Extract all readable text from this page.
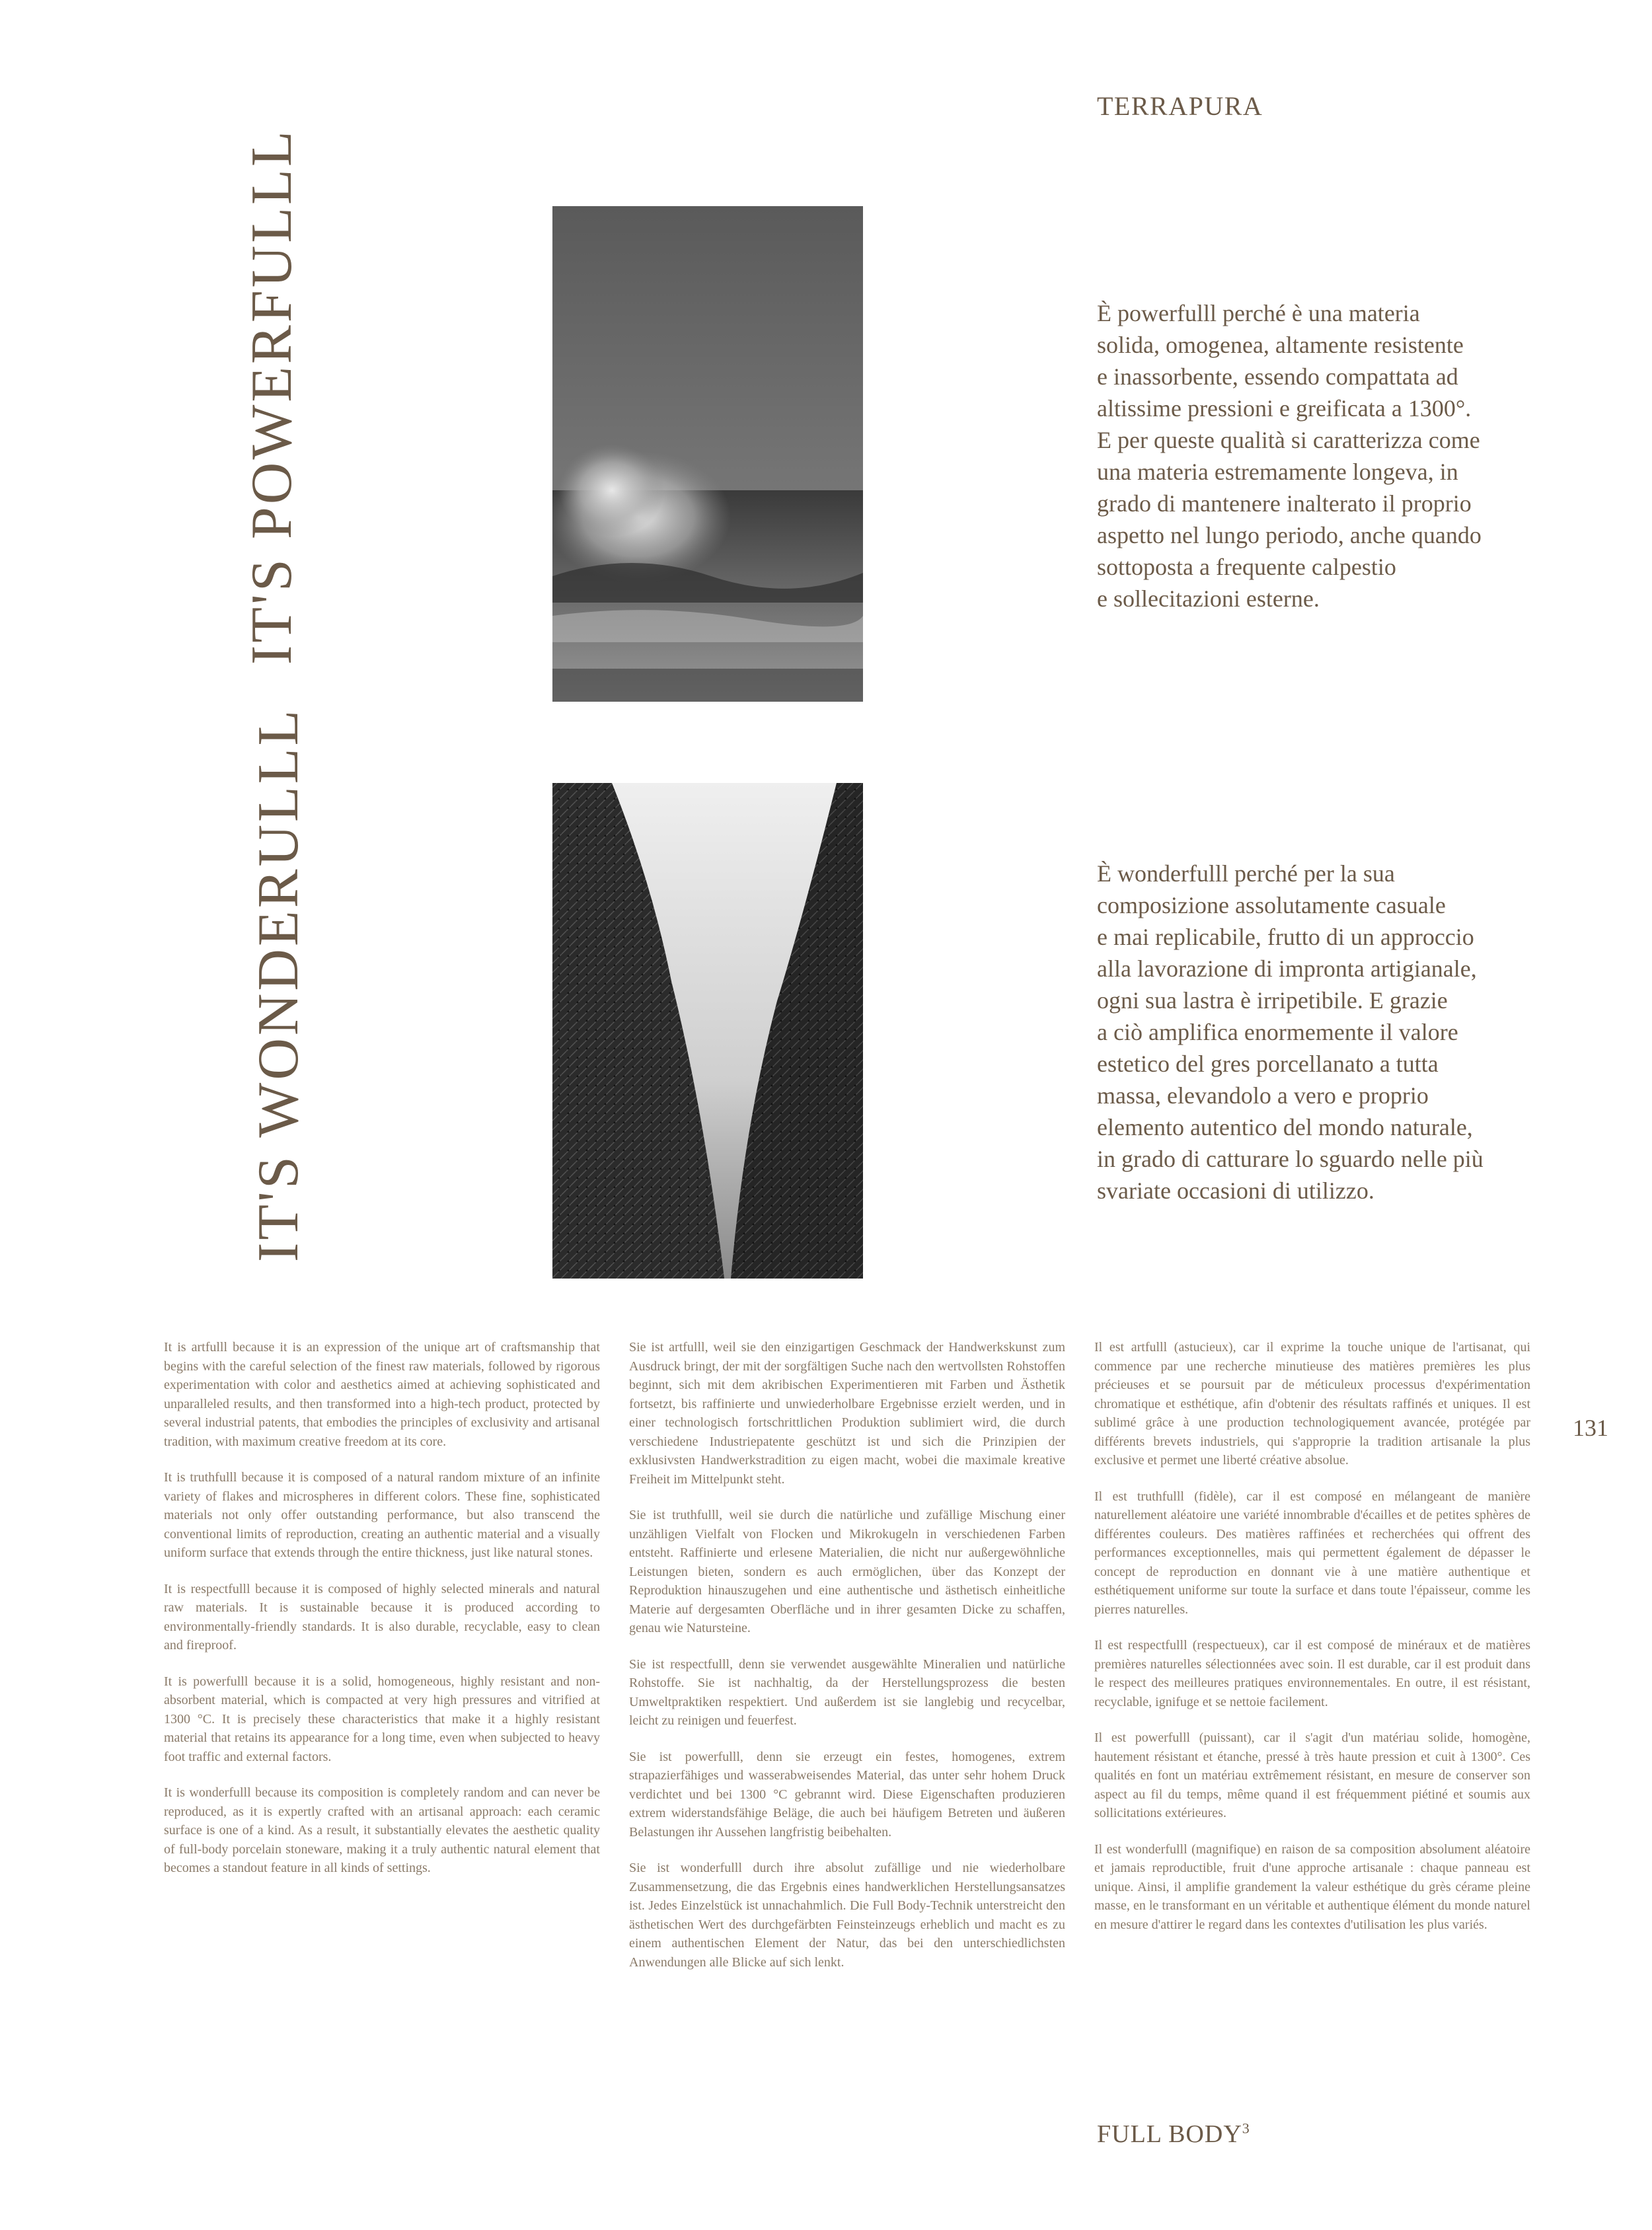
TERRAPURA
IT'S POWERFULLL	È powerfulll perché è una materia
solida, omogenea, altamente resistente
e inassorbente, essendo compattata ad
altissime pressioni e greificata a 1300°.
E per queste qualità si caratterizza come
una materia estremamente longeva, in
grado di mantenere inalterato il proprio
aspetto nel lungo periodo, anche quando
sottoposta a frequente calpestio
e sollecitazioni esterne.

IT'S WONDERULLL	È wonderfulll perché per la sua
composizione assolutamente casuale
e mai replicabile, frutto di un approccio
alla lavorazione di impronta artigianale,
ogni sua lastra è irripetibile. E grazie
a ciò amplifica enormemente il valore
estetico del gres porcellanato a tutta
massa, elevandolo a vero e proprio
elemento autentico del mondo naturale,
in grado di catturare lo sguardo nelle più
svariate occasioni di utilizzo.

It is artfulll because it is an expression of the unique art of craftsmanship that begins with the careful selection of the finest raw materials, followed by rigorous experimentation with color and aesthetics aimed at achieving sophisticated and unparalleled results, and then transformed into a high-tech product, protected by several industrial patents, that embodies the principles of exclusivity and artisanal tradition, with maximum creative freedom at its core.

It is truthfulll because it is composed of a natural random mixture of an infinite variety of flakes and microspheres in different colors. These fine, sophisticated materials not only offer outstanding performance, but also transcend the conventional limits of reproduction, creating an authentic material and a visually uniform surface that extends through the entire thickness, just like natural stones.

It is respectfulll because it is composed of highly selected minerals and natural raw materials. It is sustainable because it is produced according to environmentally-friendly standards. It is also durable, recyclable, easy to clean and fireproof.

It is powerfulll because it is a solid, homogeneous, highly resistant and non-absorbent material, which is compacted at very high pressures and vitrified at 1300 °C. It is precisely these characteristics that make it a highly resistant material that retains its appearance for a long time, even when subjected to heavy foot traffic and external factors.

It is wonderfulll because its composition is completely random and can never be reproduced, as it is expertly crafted with an artisanal approach: each ceramic surface is one of a kind. As a result, it substantially elevates the aesthetic quality of full-body porcelain stoneware, making it a truly authentic natural element that becomes a standout feature in all kinds of settings.

Sie ist artfulll, weil sie den einzigartigen Geschmack der Handwerkskunst zum Ausdruck bringt, der mit der sorgfältigen Suche nach den wertvollsten Rohstoffen beginnt, sich mit dem akribischen Experimentieren mit Farben und Ästhetik fortsetzt, bis raffinierte und unwiederholbare Ergebnisse erzielt werden, und in einer technologisch fortschrittlichen Produktion sublimiert wird, die durch verschiedene Industriepatente geschützt ist und sich die Prinzipien der exklusivsten Handwerkstradition zu eigen macht, wobei die maximale kreative Freiheit im Mittelpunkt steht.

Sie ist truthfulll, weil sie durch die natürliche und zufällige Mischung einer unzähligen Vielfalt von Flocken und Mikrokugeln in verschiedenen Farben entsteht. Raffinierte und erlesene Materialien, die nicht nur außergewöhnliche Leistungen bieten, sondern es auch ermöglichen, über das Konzept der Reproduktion hinauszugehen und eine authentische und ästhetisch einheitliche Materie auf dergesamten Oberfläche und in ihrer gesamten Dicke zu schaffen, genau wie Natursteine.

Sie ist respectfulll, denn sie verwendet ausgewählte Mineralien und natürliche Rohstoffe. Sie ist nachhaltig, da der Herstellungsprozess die besten Umweltpraktiken respektiert. Und außerdem ist sie langlebig und recycelbar, leicht zu reinigen und feuerfest.

Sie ist powerfulll, denn sie erzeugt ein festes, homogenes, extrem strapazierfähiges und wasserabweisendes Material, das unter sehr hohem Druck verdichtet und bei 1300 °C gebrannt wird. Diese Eigenschaften produzieren extrem widerstandsfähige Beläge, die auch bei häufigem Betreten und äußeren Belastungen ihr Aussehen langfristig beibehalten.

Sie ist wonderfulll durch ihre absolut zufällige und nie wiederholbare Zusammensetzung, die das Ergebnis eines handwerklichen Herstellungsansatzes ist. Jedes Einzelstück ist unnachahmlich. Die Full Body-Technik unterstreicht den ästhetischen Wert des durchgefärbten Feinsteinzeugs erheblich und macht es zu einem authentischen Element der Natur, das bei den unterschiedlichsten Anwendungen alle Blicke auf sich lenkt.

Il est artfulll (astucieux), car il exprime la touche unique de l'artisanat, qui commence par une recherche minutieuse des matières premières les plus précieuses et se poursuit par de méticuleux processus d'expérimentation chromatique et esthétique, afin d'obtenir des résultats raffinés et uniques. Il est sublimé grâce à une production technologiquement avancée, protégée par différents brevets industriels, qui s'approprie la tradition artisanale la plus exclusive et permet une liberté créative absolue.

Il est truthfulll (fidèle), car il est composé en mélangeant de manière naturellement aléatoire une variété innombrable d'écailles et de petites sphères de différentes couleurs. Des matières raffinées et recherchées qui offrent des performances exceptionnelles, mais qui permettent également de dépasser le concept de reproduction en donnant vie à une matière authentique et esthétiquement uniforme sur toute la surface et dans toute l'épaisseur, comme les pierres naturelles.

Il est respectfulll (respectueux), car il est composé de minéraux et de matières premières naturelles sélectionnées avec soin. Il est durable, car il est produit dans le respect des meilleures pratiques environnementales. En outre, il est résistant, recyclable, ignifuge et se nettoie facilement.

Il est powerfulll (puissant), car il s'agit d'un matériau solide, homogène, hautement résistant et étanche, pressé à très haute pression et cuit à 1300°. Ces qualités en font un matériau extrêmement résistant, en mesure de conserver son aspect au fil du temps, même quand il est fréquemment piétiné et soumis aux sollicitations extérieures.

Il est wonderfulll (magnifique) en raison de sa composition absolument aléatoire et jamais reproductible, fruit d'une approche artisanale : chaque panneau est unique. Ainsi, il amplifie grandement la valeur esthétique du grès cérame pleine masse, en le transformant en un véritable et authentique élément du monde naturel en mesure d'attirer le regard dans les contextes d'utilisation les plus variés.

131
FULL BODY$^3$
